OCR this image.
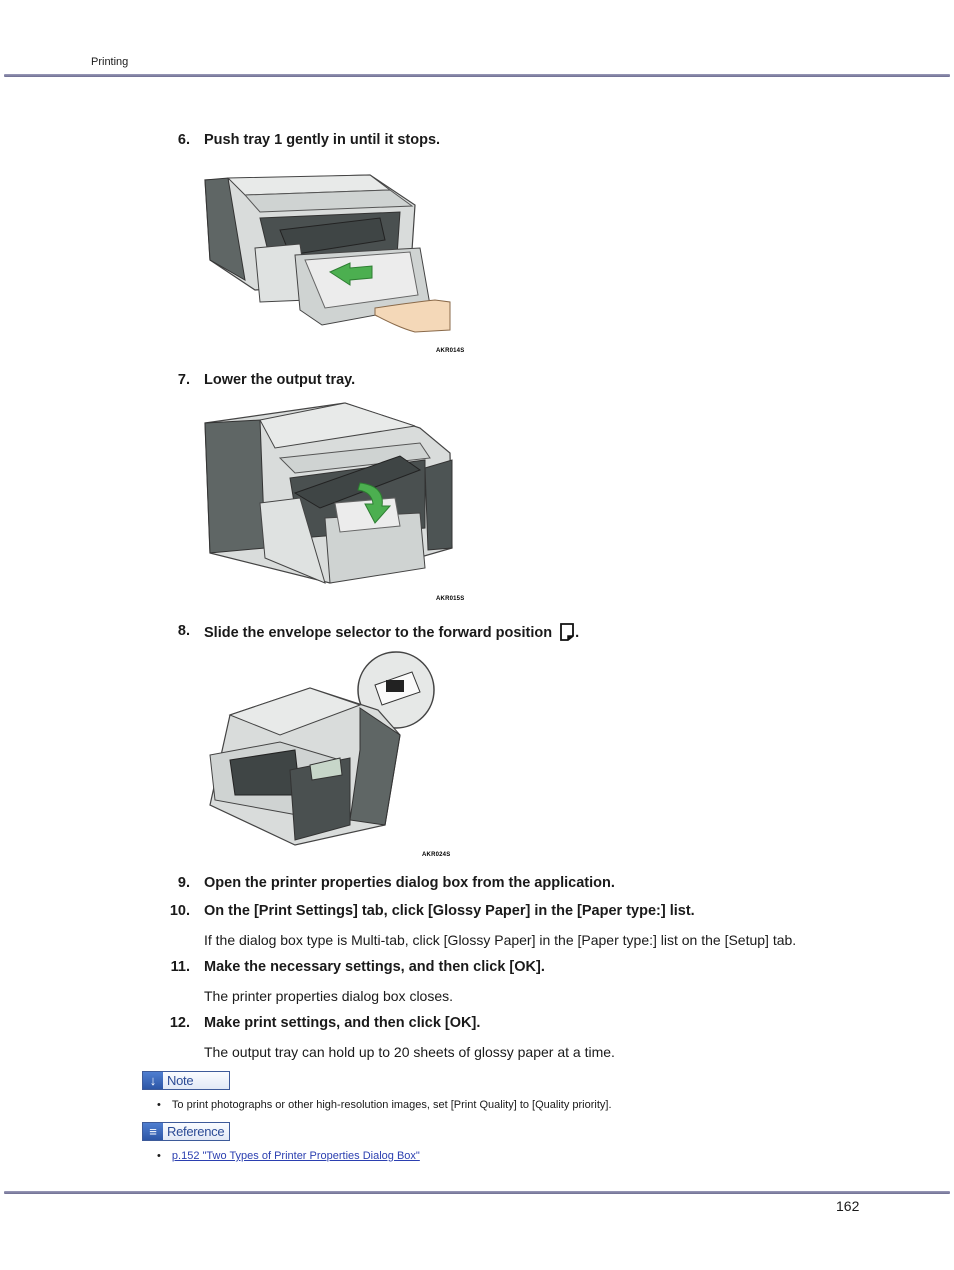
Printing
6. Push tray 1 gently in until it stops.
AKR014S
7. Lower the output tray.
AKR015S
8. Slide the envelope selector to the forward position .
AKR024S
9. Open the printer properties dialog box from the application.
10. On the [Print Settings] tab, click [Glossy Paper] in the [Paper type:] list.
If the dialog box type is Multi-tab, click [Glossy Paper] in the [Paper type:] list on the [Setup] tab.
11. Make the necessary settings, and then click [OK].
The printer properties dialog box closes.
12. Make print settings, and then click [OK].
The output tray can hold up to 20 sheets of glossy paper at a time.
↓ Note
• To print photographs or other high-resolution images, set [Print Quality] to [Quality priority].
≡ Reference
• p.152 "Two Types of Printer Properties Dialog Box"
162
